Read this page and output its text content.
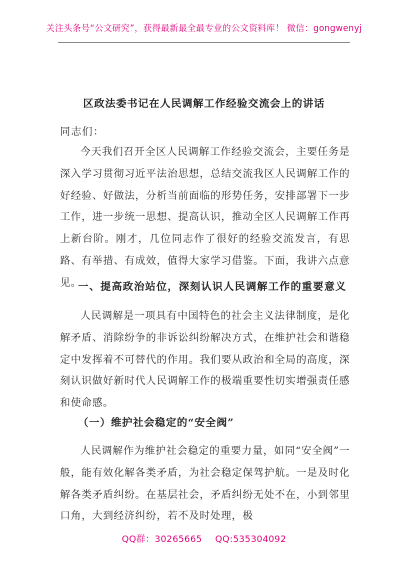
关注头条号“公文研究”，获得最新最全最专业的公文资料库！ 微信：gongwenyj
区政法委书记在人民调解工作经验交流会上的讲话
同志们：

今天我们召开全区人民调解工作经验交流会，主要任务是深入学习贯彻习近平法治思想，总结交流我区人民调解工作的好经验、好做法，分析当前面临的形势任务，安排部署下一步工作，进一步统一思想、提高认识，推动全区人民调解工作再上新台阶。刚才，几位同志作了很好的经验交流发言，有思路、有举措、有成效，值得大家学习借鉴。下面，我讲六点意见。

一、提高政治站位，深刻认识人民调解工作的重要意义

人民调解是一项具有中国特色的社会主义法律制度，是化解矛盾、消除纷争的非诉讼纠纷解决方式，在维护社会和谐稳定中发挥着不可替代的作用。我们要从政治和全局的高度，深刻认识做好新时代人民调解工作的极端重要性切实增强责任感和使命感。

（一）维护社会稳定的“安全阀”

人民调解作为维护社会稳定的重要力量，如同“安全阀”一般，能有效化解各类矛盾，为社会稳定保驾护航。一是及时化解各类矛盾纠纷。在基层社会，矛盾纠纷无处不在，小到邻里口角，大到经济纠纷，若不及时处理，极

QQ群：30265665 QQ:535304092
